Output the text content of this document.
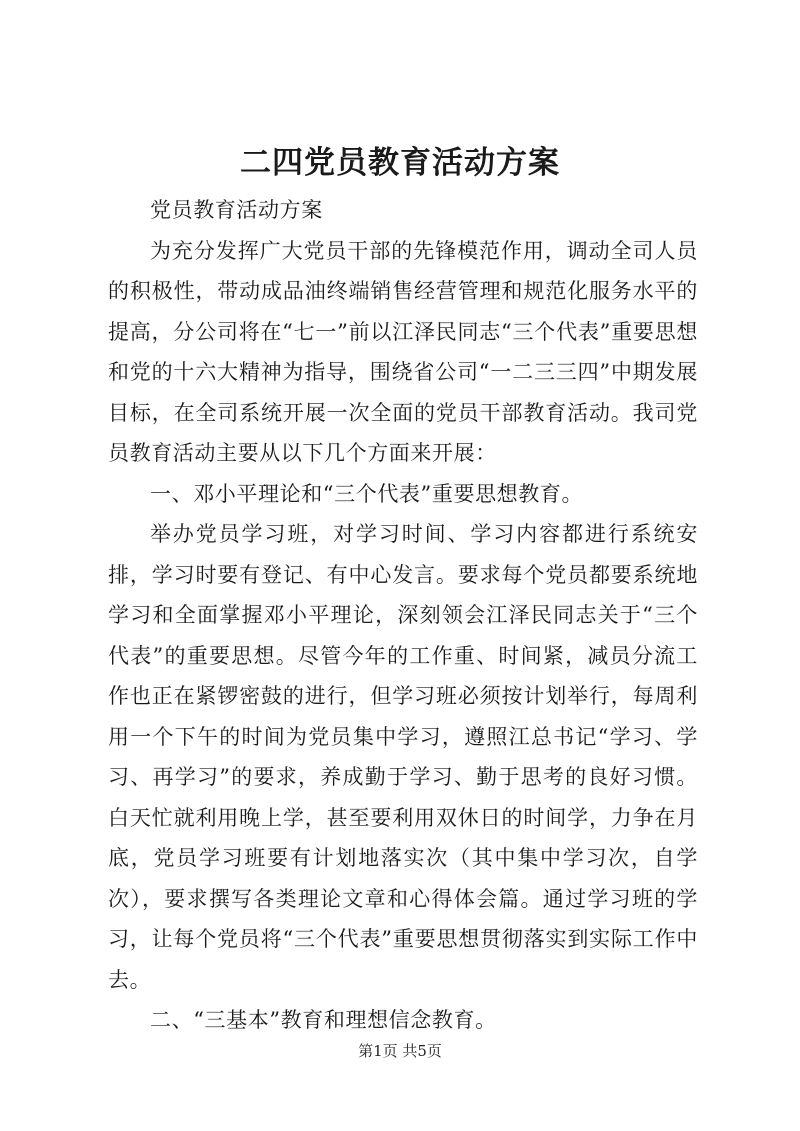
二四党员教育活动方案

党员教育活动方案

为充分发挥广大党员干部的先锋模范作用，调动全司人员的积极性，带动成品油终端销售经营管理和规范化服务水平的提高，分公司将在“七一”前以江泽民同志“三个代表”重要思想和党的十六大精神为指导，围绕省公司“一二三三四”中期发展目标，在全司系统开展一次全面的党员干部教育活动。我司党员教育活动主要从以下几个方面来开展：

一、邓小平理论和“三个代表”重要思想教育。

举办党员学习班，对学习时间、学习内容都进行系统安排，学习时要有登记、有中心发言。要求每个党员都要系统地学习和全面掌握邓小平理论，深刻领会江泽民同志关于“三个代表”的重要思想。尽管今年的工作重、时间紧，减员分流工作也正在紧锣密鼓的进行，但学习班必须按计划举行，每周利用一个下午的时间为党员集中学习，遵照江总书记“学习、学习、再学习”的要求，养成勤于学习、勤于思考的良好习惯。白天忙就利用晚上学，甚至要利用双休日的时间学，力争在月底，党员学习班要有计划地落实次（其中集中学习次，自学次），要求撰写各类理论文章和心得体会篇。通过学习班的学习，让每个党员将“三个代表”重要思想贯彻落实到实际工作中去。

二、“三基本”教育和理想信念教育。

第1页 共5页
